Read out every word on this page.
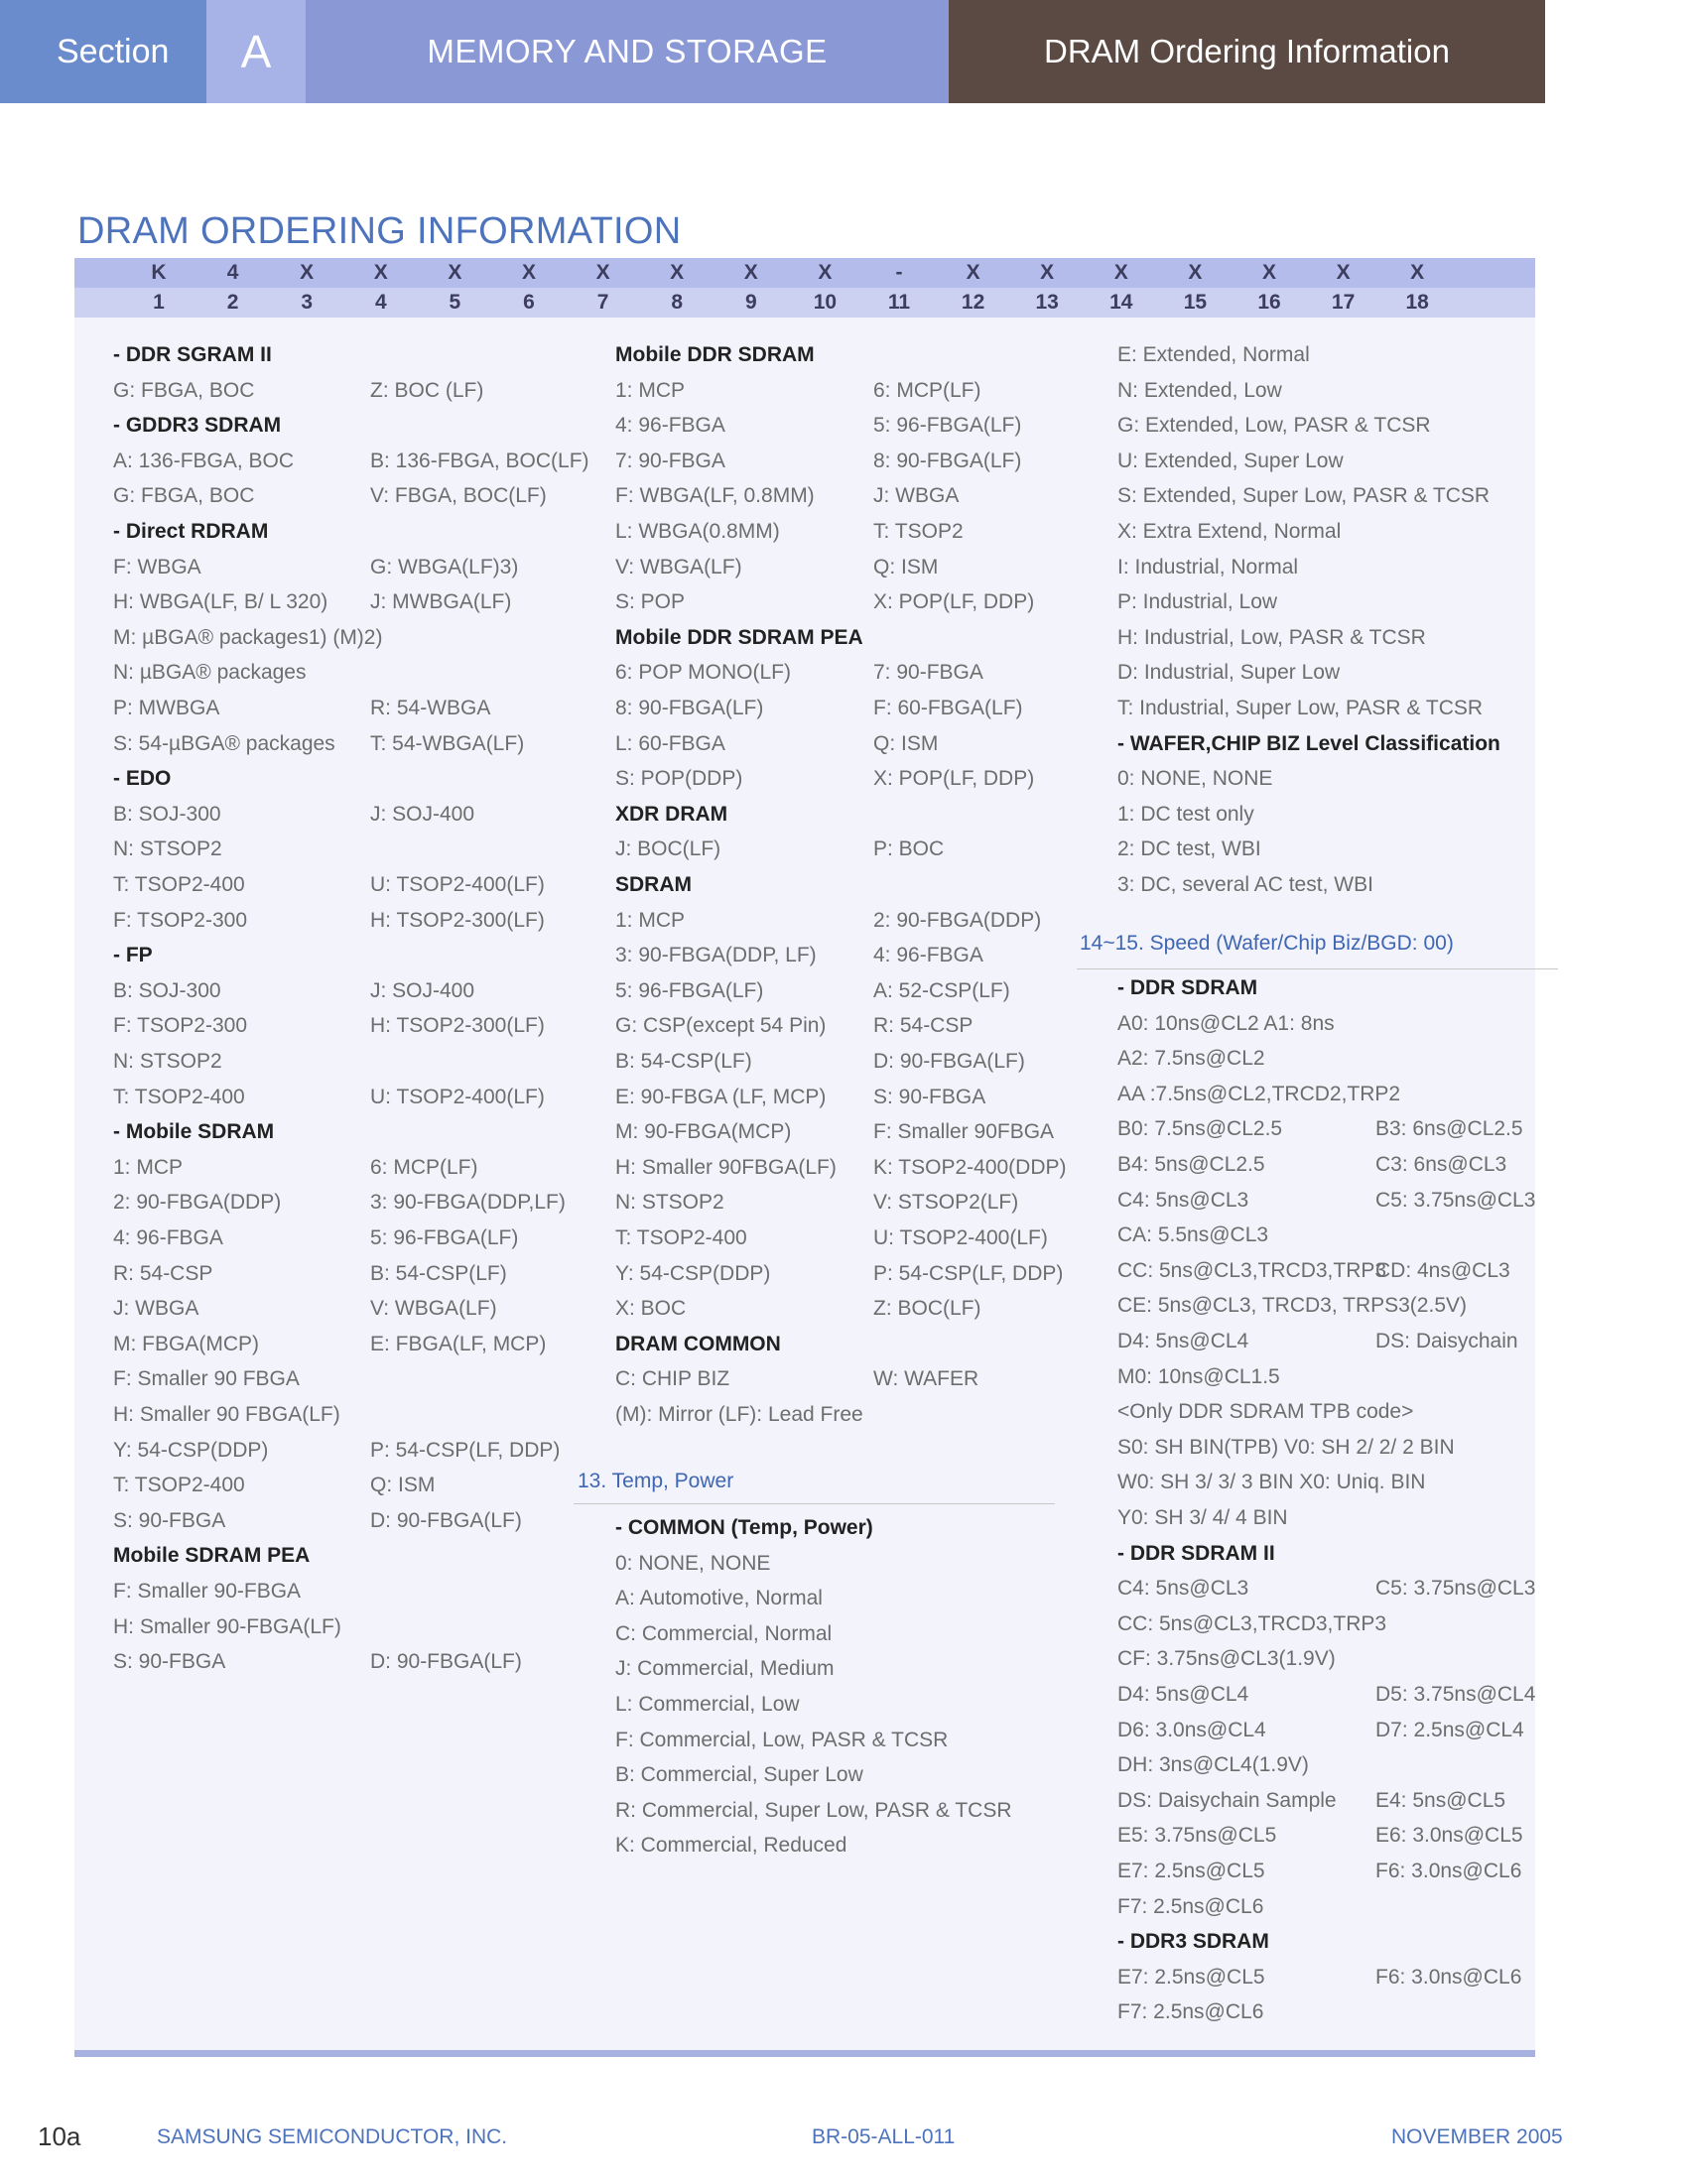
Section	A	MEMORY AND STORAGE	DRAM Ordering Information
DRAM ORDERING INFORMATION
K	4	X	X	X	X	X	X	X	X	-	X	X	X	X	X	X	X
1	2	3	4	5	6	7	8	9	10	11	12	13	14	15	16	17	18
- DDR SGRAM II
G: FBGA, BOC	Z: BOC (LF)
- GDDR3 SDRAM
A: 136-FBGA, BOC	B: 136-FBGA, BOC(LF)
G: FBGA, BOC	V: FBGA, BOC(LF)
- Direct RDRAM
F: WBGA	G: WBGA(LF)3)
H: WBGA(LF, B/ L 320) J: MWBGA(LF)
M: µBGA® packages1) (M)2)
N: µBGA® packages
P: MWBGA	R: 54-WBGA
S: 54-µBGA® packages T: 54-WBGA(LF)
- EDO
B: SOJ-300	J: SOJ-400
N: STSOP2
T: TSOP2-400	U: TSOP2-400(LF)
F: TSOP2-300	H: TSOP2-300(LF)
- FP
B: SOJ-300	J: SOJ-400
F: TSOP2-300	H: TSOP2-300(LF)
N: STSOP2
T: TSOP2-400	U: TSOP2-400(LF)
- Mobile SDRAM
1: MCP	6: MCP(LF)
2: 90-FBGA(DDP)	3: 90-FBGA(DDP,LF)
4: 96-FBGA	5: 96-FBGA(LF)
R: 54-CSP	B: 54-CSP(LF)
J: WBGA	V: WBGA(LF)
M: FBGA(MCP)	E: FBGA(LF, MCP)
F: Smaller 90 FBGA
H: Smaller 90 FBGA(LF)
Y: 54-CSP(DDP)	P: 54-CSP(LF, DDP)
T: TSOP2-400	Q: ISM
S: 90-FBGA	D: 90-FBGA(LF)
Mobile SDRAM PEA
F: Smaller 90-FBGA
H: Smaller 90-FBGA(LF)
S: 90-FBGA	D: 90-FBGA(LF)
Mobile DDR SDRAM
1: MCP	6: MCP(LF)
4: 96-FBGA	5: 96-FBGA(LF)
7: 90-FBGA	8: 90-FBGA(LF)
F: WBGA(LF, 0.8MM)	J: WBGA
L: WBGA(0.8MM)	T: TSOP2
V: WBGA(LF)	Q: ISM
S: POP	X: POP(LF, DDP)
Mobile DDR SDRAM PEA
6: POP MONO(LF)	7: 90-FBGA
8: 90-FBGA(LF)	F: 60-FBGA(LF)
L: 60-FBGA	Q: ISM
S: POP(DDP)	X: POP(LF, DDP)
XDR DRAM
J: BOC(LF)	P: BOC
SDRAM
1: MCP	2: 90-FBGA(DDP)
3: 90-FBGA(DDP, LF)	4: 96-FBGA
5: 96-FBGA(LF)	A: 52-CSP(LF)
G: CSP(except 54 Pin) R: 54-CSP
B: 54-CSP(LF)	D: 90-FBGA(LF)
E: 90-FBGA (LF, MCP) S: 90-FBGA
M: 90-FBGA(MCP)	F: Smaller 90FBGA
H: Smaller 90FBGA(LF) K: TSOP2-400(DDP)
N: STSOP2	V: STSOP2(LF)
T: TSOP2-400	U: TSOP2-400(LF)
Y: 54-CSP(DDP)	P: 54-CSP(LF, DDP)
X: BOC	Z: BOC(LF)
DRAM COMMON
C: CHIP BIZ	W: WAFER
(M): Mirror (LF): Lead Free
- COMMON (Temp, Power)
0: NONE, NONE
A: Automotive, Normal
C: Commercial, Normal
J: Commercial, Medium
L: Commercial, Low
F: Commercial, Low, PASR & TCSR
B: Commercial, Super Low
R: Commercial, Super Low, PASR & TCSR
K: Commercial, Reduced
E: Extended, Normal
N: Extended, Low
G: Extended, Low, PASR & TCSR
U: Extended, Super Low
S: Extended, Super Low, PASR & TCSR
X: Extra Extend, Normal
I: Industrial, Normal
P: Industrial, Low
H: Industrial, Low, PASR & TCSR
D: Industrial, Super Low
T: Industrial, Super Low, PASR & TCSR
- WAFER,CHIP BIZ Level Classification
0: NONE, NONE
1: DC test only
2: DC test, WBI
3: DC, several AC test, WBI
- DDR SDRAM
A0: 10ns@CL2 A1: 8ns
A2: 7.5ns@CL2
AA :7.5ns@CL2,TRCD2,TRP2
B0: 7.5ns@CL2.5	B3: 6ns@CL2.5
B4: 5ns@CL2.5	C3: 6ns@CL3
C4: 5ns@CL3	C5: 3.75ns@CL3
CA: 5.5ns@CL3
CC: 5ns@CL3,TRCD3,TRP3
CD: 4ns@CL3
CE: 5ns@CL3, TRCD3, TRPS3(2.5V)
D4: 5ns@CL4	DS: Daisychain
M0: 10ns@CL1.5
<Only DDR SDRAM TPB code>
S0: SH BIN(TPB) V0: SH 2/ 2/ 2 BIN
W0: SH 3/ 3/ 3 BIN X0: Uniq. BIN
Y0: SH 3/ 4/ 4 BIN
- DDR SDRAM II
C4: 5ns@CL3	C5: 3.75ns@CL3
CC: 5ns@CL3,TRCD3,TRP3
CF: 3.75ns@CL3(1.9V)
D4: 5ns@CL4	D5: 3.75ns@CL4
D6: 3.0ns@CL4	D7: 2.5ns@CL4
DH: 3ns@CL4(1.9V)
DS: Daisychain Sample E4: 5ns@CL5
E5: 3.75ns@CL5	E6: 3.0ns@CL5
E7: 2.5ns@CL5	F6: 3.0ns@CL6
F7: 2.5ns@CL6
- DDR3 SDRAM
E7: 2.5ns@CL5	F6: 3.0ns@CL6
F7: 2.5ns@CL6
13. Temp, Power
14~15. Speed (Wafer/Chip Biz/BGD: 00)
10a	SAMSUNG SEMICONDUCTOR, INC.	BR-05-ALL-011	NOVEMBER 2005
